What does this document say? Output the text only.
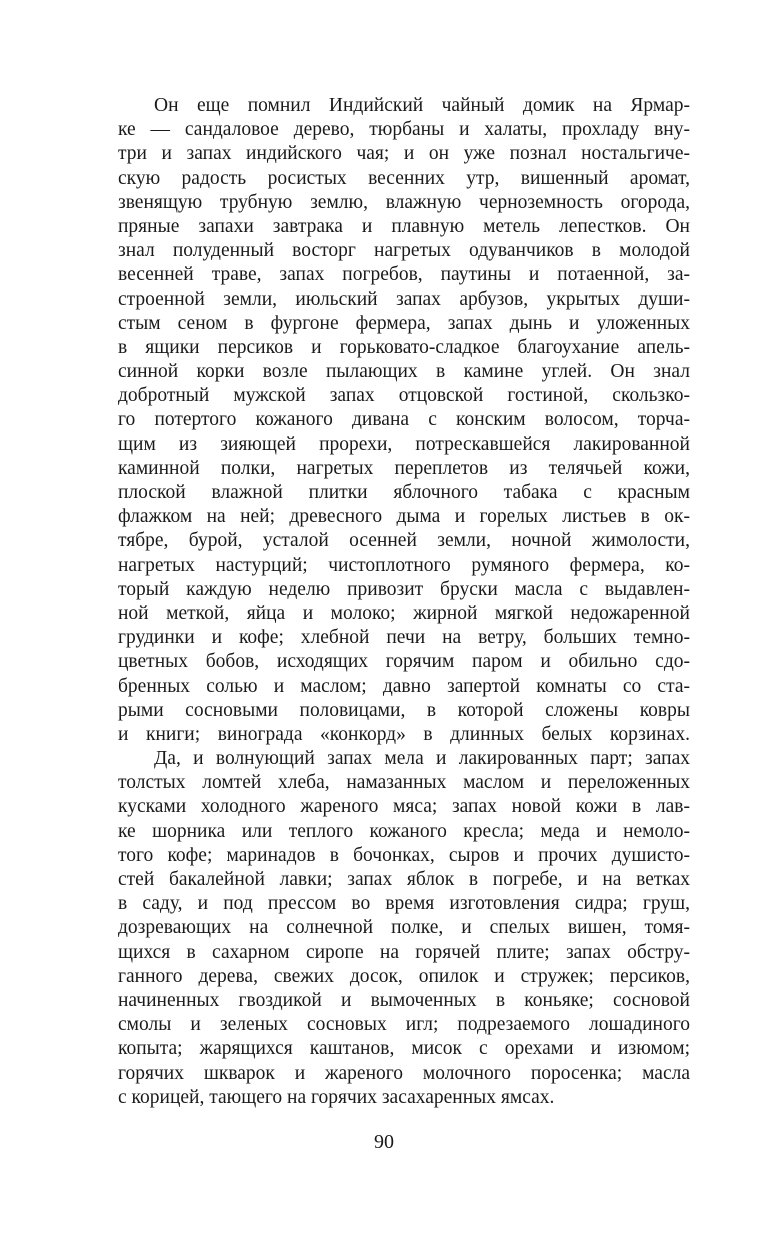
Он еще помнил Индийский чайный домик на Ярмар-
ке — сандаловое дерево, тюрбаны и халаты, прохладу вну-
три и запах индийского чая; и он уже познал ностальгиче-
скую радость росистых весенних утр, вишенный аромат,
звенящую трубную землю, влажную черноземность огорода,
пряные запахи завтрака и плавную метель лепестков. Он
знал полуденный восторг нагретых одуванчиков в молодой
весенней траве, запах погребов, паутины и потаенной, за-
строенной земли, июльский запах арбузов, укрытых души-
стым сеном в фургоне фермера, запах дынь и уложенных
в ящики персиков и горьковато-сладкое благоухание апель-
синной корки возле пылающих в камине углей. Он знал
добротный мужской запах отцовской гостиной, скользко-
го потертого кожаного дивана с конским волосом, торча-
щим из зияющей прорехи, потрескавшейся лакированной
каминной полки, нагретых переплетов из телячьей кожи,
плоской влажной плитки яблочного табака с красным
флажком на ней; древесного дыма и горелых листьев в ок-
тябре, бурой, усталой осенней земли, ночной жимолости,
нагретых настурций; чистоплотного румяного фермера, ко-
торый каждую неделю привозит бруски масла с выдавлен-
ной меткой, яйца и молоко; жирной мягкой недожаренной
грудинки и кофе; хлебной печи на ветру, больших темно-
цветных бобов, исходящих горячим паром и обильно сдо-
бренных солью и маслом; давно запертой комнаты со ста-
рыми сосновыми половицами, в которой сложены ковры
и книги; винограда «конкорд» в длинных белых корзинах.
Да, и волнующий запах мела и лакированных парт; запах
толстых ломтей хлеба, намазанных маслом и переложенных
кусками холодного жареного мяса; запах новой кожи в лав-
ке шорника или теплого кожаного кресла; меда и немоло-
того кофе; маринадов в бочонках, сыров и прочих душисто-
стей бакалейной лавки; запах яблок в погребе, и на ветках
в саду, и под прессом во время изготовления сидра; груш,
дозревающих на солнечной полке, и спелых вишен, томя-
щихся в сахарном сиропе на горячей плите; запах обстру-
ганного дерева, свежих досок, опилок и стружек; персиков,
начиненных гвоздикой и вымоченных в коньяке; сосновой
смолы и зеленых сосновых игл; подрезаемого лошадиного
копыта; жарящихся каштанов, мисок с орехами и изюмом;
горячих шкварок и жареного молочного поросенка; масла
с корицей, тающего на горячих засахаренных ямсах.
90
